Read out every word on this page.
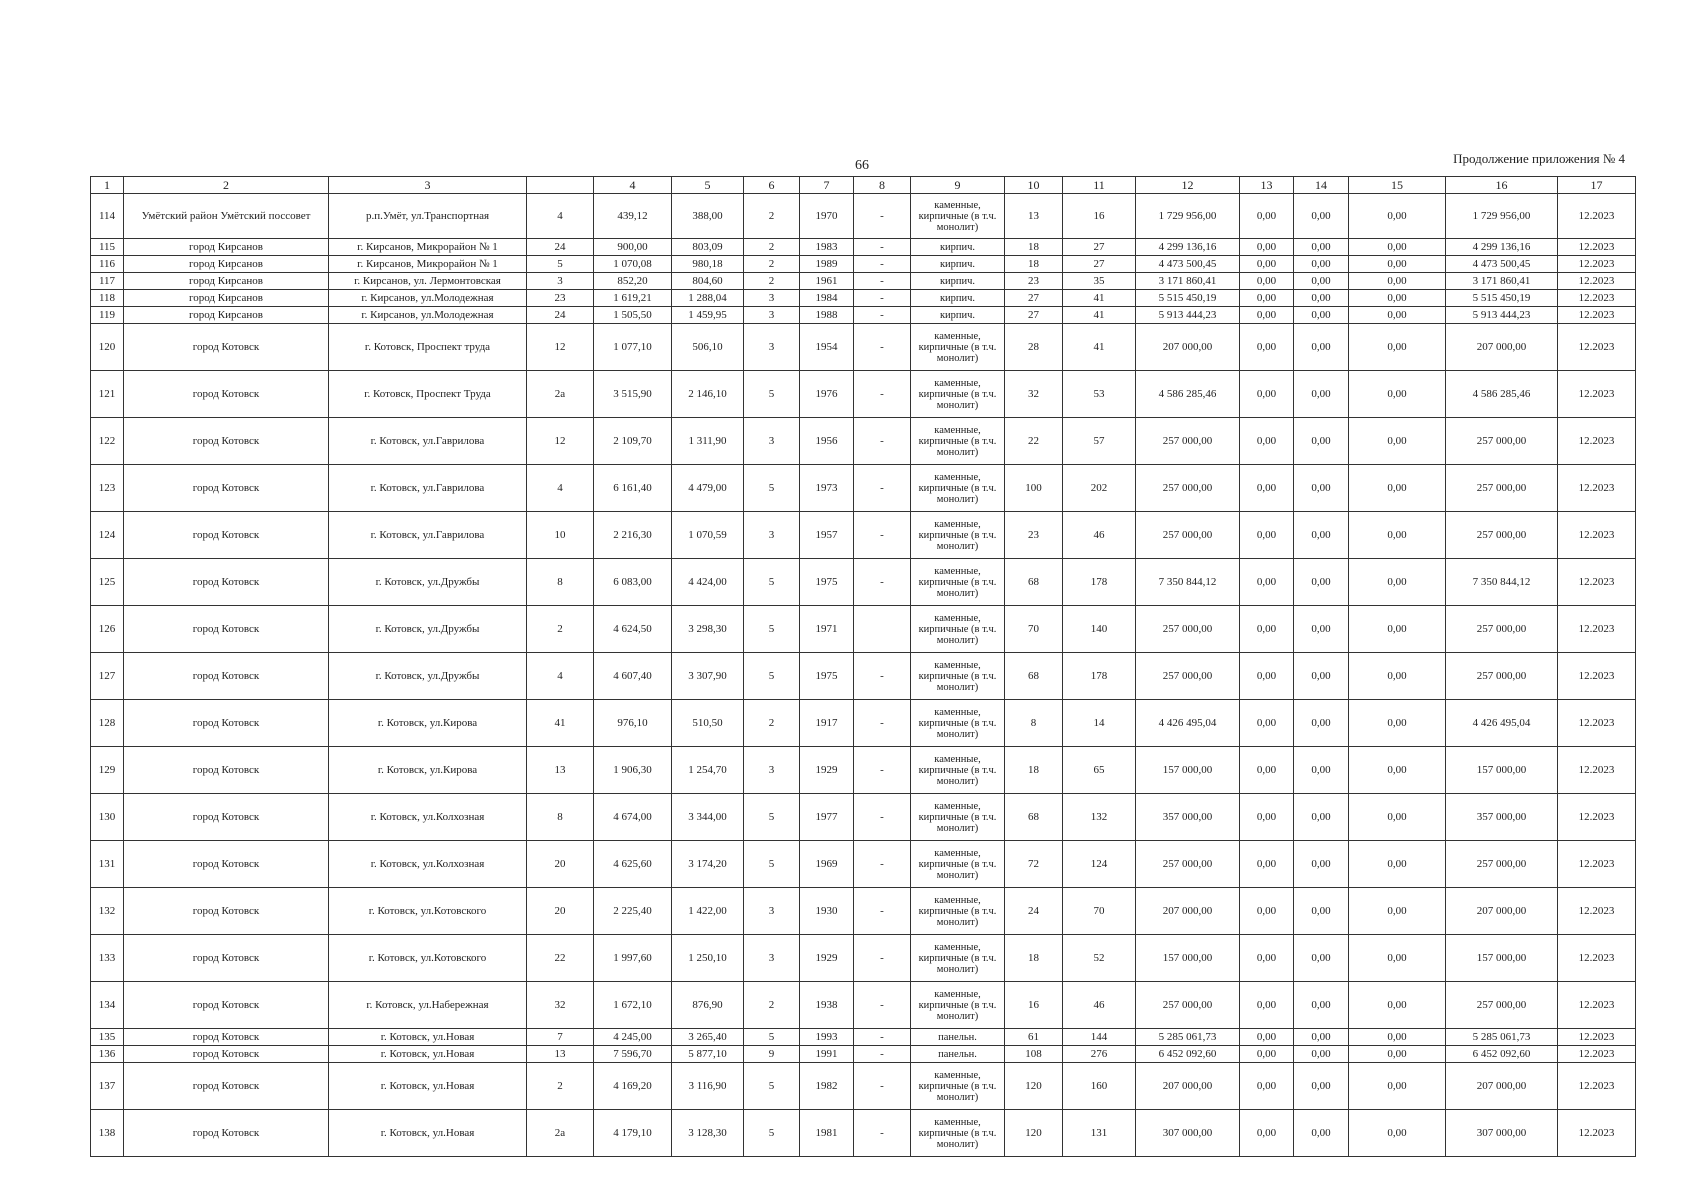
66	Продолжение приложения № 4
1	2	3		4	5	6	7	8	9	10	11	12	13	14	15	16	17
114	Умётский район Умётский поссовет	р.п.Умёт, ул.Транспортная	4	439,12	388,00	2	1970	-	каменные, кирпичные (в т.ч. монолит)	13	16	1 729 956,00	0,00	0,00	0,00	1 729 956,00	12.2023
115	город Кирсанов	г. Кирсанов, Микрорайон № 1	24	900,00	803,09	2	1983	-	кирпич.	18	27	4 299 136,16	0,00	0,00	0,00	4 299 136,16	12.2023
116	город Кирсанов	г. Кирсанов, Микрорайон № 1	5	1 070,08	980,18	2	1989	-	кирпич.	18	27	4 473 500,45	0,00	0,00	0,00	4 473 500,45	12.2023
117	город Кирсанов	г. Кирсанов, ул. Лермонтовская	3	852,20	804,60	2	1961	-	кирпич.	23	35	3 171 860,41	0,00	0,00	0,00	3 171 860,41	12.2023
118	город Кирсанов	г. Кирсанов, ул.Молодежная	23	1 619,21	1 288,04	3	1984	-	кирпич.	27	41	5 515 450,19	0,00	0,00	0,00	5 515 450,19	12.2023
119	город Кирсанов	г. Кирсанов, ул.Молодежная	24	1 505,50	1 459,95	3	1988	-	кирпич.	27	41	5 913 444,23	0,00	0,00	0,00	5 913 444,23	12.2023
120	город Котовск	г. Котовск, Проспект труда	12	1 077,10	506,10	3	1954	-	каменные, кирпичные (в т.ч. монолит)	28	41	207 000,00	0,00	0,00	0,00	207 000,00	12.2023
121	город Котовск	г. Котовск, Проспект Труда	2а	3 515,90	2 146,10	5	1976	-	каменные, кирпичные (в т.ч. монолит)	32	53	4 586 285,46	0,00	0,00	0,00	4 586 285,46	12.2023
122	город Котовск	г. Котовск, ул.Гаврилова	12	2 109,70	1 311,90	3	1956	-	каменные, кирпичные (в т.ч. монолит)	22	57	257 000,00	0,00	0,00	0,00	257 000,00	12.2023
123	город Котовск	г. Котовск, ул.Гаврилова	4	6 161,40	4 479,00	5	1973	-	каменные, кирпичные (в т.ч. монолит)	100	202	257 000,00	0,00	0,00	0,00	257 000,00	12.2023
124	город Котовск	г. Котовск, ул.Гаврилова	10	2 216,30	1 070,59	3	1957	-	каменные, кирпичные (в т.ч. монолит)	23	46	257 000,00	0,00	0,00	0,00	257 000,00	12.2023
125	город Котовск	г. Котовск, ул.Дружбы	8	6 083,00	4 424,00	5	1975	-	каменные, кирпичные (в т.ч. монолит)	68	178	7 350 844,12	0,00	0,00	0,00	7 350 844,12	12.2023
126	город Котовск	г. Котовск, ул.Дружбы	2	4 624,50	3 298,30	5	1971		каменные, кирпичные (в т.ч. монолит)	70	140	257 000,00	0,00	0,00	0,00	257 000,00	12.2023
127	город Котовск	г. Котовск, ул.Дружбы	4	4 607,40	3 307,90	5	1975	-	каменные, кирпичные (в т.ч. монолит)	68	178	257 000,00	0,00	0,00	0,00	257 000,00	12.2023
128	город Котовск	г. Котовск, ул.Кирова	41	976,10	510,50	2	1917	-	каменные, кирпичные (в т.ч. монолит)	8	14	4 426 495,04	0,00	0,00	0,00	4 426 495,04	12.2023
129	город Котовск	г. Котовск, ул.Кирова	13	1 906,30	1 254,70	3	1929	-	каменные, кирпичные (в т.ч. монолит)	18	65	157 000,00	0,00	0,00	0,00	157 000,00	12.2023
130	город Котовск	г. Котовск, ул.Колхозная	8	4 674,00	3 344,00	5	1977	-	каменные, кирпичные (в т.ч. монолит)	68	132	357 000,00	0,00	0,00	0,00	357 000,00	12.2023
131	город Котовск	г. Котовск, ул.Колхозная	20	4 625,60	3 174,20	5	1969	-	каменные, кирпичные (в т.ч. монолит)	72	124	257 000,00	0,00	0,00	0,00	257 000,00	12.2023
132	город Котовск	г. Котовск, ул.Котовского	20	2 225,40	1 422,00	3	1930	-	каменные, кирпичные (в т.ч. монолит)	24	70	207 000,00	0,00	0,00	0,00	207 000,00	12.2023
133	город Котовск	г. Котовск, ул.Котовского	22	1 997,60	1 250,10	3	1929	-	каменные, кирпичные (в т.ч. монолит)	18	52	157 000,00	0,00	0,00	0,00	157 000,00	12.2023
134	город Котовск	г. Котовск, ул.Набережная	32	1 672,10	876,90	2	1938	-	каменные, кирпичные (в т.ч. монолит)	16	46	257 000,00	0,00	0,00	0,00	257 000,00	12.2023
135	город Котовск	г. Котовск, ул.Новая	7	4 245,00	3 265,40	5	1993	-	панельн.	61	144	5 285 061,73	0,00	0,00	0,00	5 285 061,73	12.2023
136	город Котовск	г. Котовск, ул.Новая	13	7 596,70	5 877,10	9	1991	-	панельн.	108	276	6 452 092,60	0,00	0,00	0,00	6 452 092,60	12.2023
137	город Котовск	г. Котовск, ул.Новая	2	4 169,20	3 116,90	5	1982	-	каменные, кирпичные (в т.ч. монолит)	120	160	207 000,00	0,00	0,00	0,00	207 000,00	12.2023
138	город Котовск	г. Котовск, ул.Новая	2а	4 179,10	3 128,30	5	1981	-	каменные, кирпичные (в т.ч. монолит)	120	131	307 000,00	0,00	0,00	0,00	307 000,00	12.2023
